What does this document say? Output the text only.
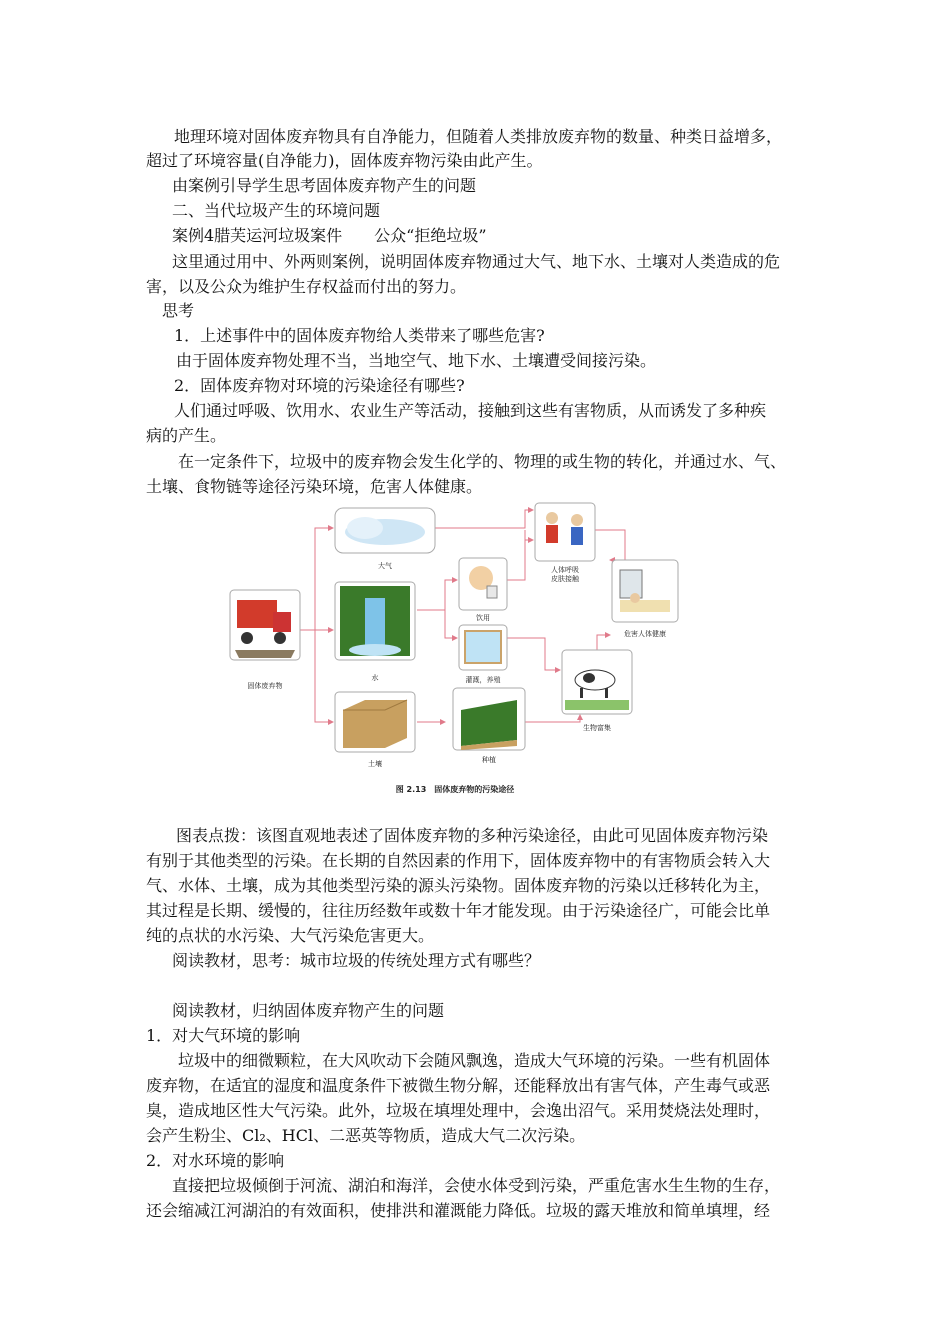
地理环境对固体废弃物具有自净能力，但随着人类排放废弃物的数量、种类日益增多，
超过了环境容量(自净能力)，固体废弃物污染由此产生。
由案例引导学生思考固体废弃物产生的问题
二、当代垃圾产生的环境问题
案例4腊芙运河垃圾案件　　公众“拒绝垃圾”
这里通过用中、外两则案例，说明固体废弃物通过大气、地下水、土壤对人类造成的危
害，以及公众为维护生存权益而付出的努力。
思考
1．上述事件中的固体废弃物给人类带来了哪些危害?
由于固体废弃物处理不当，当地空气、地下水、土壤遭受间接污染。
2．固体废弃物对环境的污染途径有哪些?
人们通过呼吸、饮用水、农业生产等活动，接触到这些有害物质，从而诱发了多种疾
病的产生。
在一定条件下，垃圾中的废弃物会发生化学的、物理的或生物的转化，并通过水、气、
土壤、食物链等途径污染环境，危害人体健康。
固体废弃物
大气
水
土壤
人体呼吸
皮肤接触
饮用
灌溉，养殖
种植
危害人体健康
生物富集
图 2.13　固体废弃物的污染途径
图表点拨：该图直观地表述了固体废弃物的多种污染途径，由此可见固体废弃物污染
有别于其他类型的污染。在长期的自然因素的作用下，固体废弃物中的有害物质会转入大
气、水体、土壤，成为其他类型污染的源头污染物。固体废弃物的污染以迁移转化为主，
其过程是长期、缓慢的，往往历经数年或数十年才能发现。由于污染途径广，可能会比单
纯的点状的水污染、大气污染危害更大。
阅读教材，思考：城市垃圾的传统处理方式有哪些？
阅读教材，归纳固体废弃物产生的问题
1．对大气环境的影响
垃圾中的细微颗粒，在大风吹动下会随风飘逸，造成大气环境的污染。一些有机固体
废弃物，在适宜的湿度和温度条件下被微生物分解，还能释放出有害气体，产生毒气或恶
臭，造成地区性大气污染。此外，垃圾在填埋处理中，会逸出沼气。采用焚烧法处理时，
会产生粉尘、Cl₂、HCl、二恶英等物质，造成大气二次污染。
2．对水环境的影响
直接把垃圾倾倒于河流、湖泊和海洋，会使水体受到污染，严重危害水生生物的生存，
还会缩减江河湖泊的有效面积，使排洪和灌溉能力降低。垃圾的露天堆放和简单填埋，经
